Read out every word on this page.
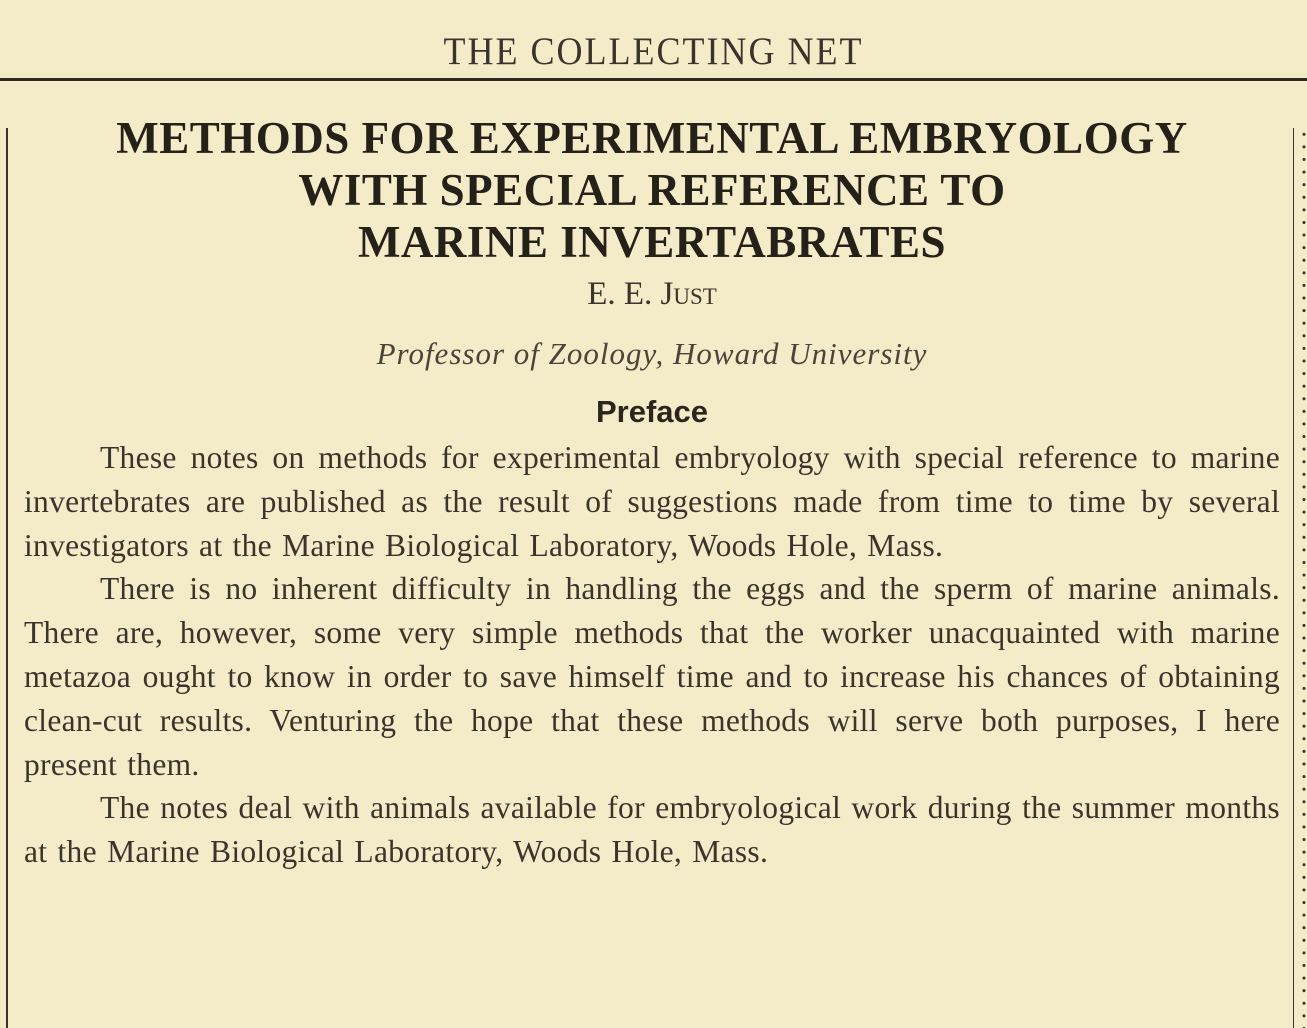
THE COLLECTING NET
METHODS FOR EXPERIMENTAL EMBRYOLOGY
WITH SPECIAL REFERENCE TO
MARINE INVERTABRATES
E. E. Just
Professor of Zoology, Howard University
Preface

These notes on methods for experimental embryology with special reference to marine invertebrates are published as the result of suggestions made from time to time by several investigators at the Marine Biological Laboratory, Woods Hole, Mass.

There is no inherent difficulty in handling the eggs and the sperm of marine animals. There are, however, some very simple methods that the worker unacquainted with marine metazoa ought to know in order to save himself time and to increase his chances of obtaining clean-cut results. Venturing the hope that these methods will serve both purposes, I here present them.

The notes deal with animals available for embryological work during the summer months at the Marine Biological Laboratory, Woods Hole, Mass.
